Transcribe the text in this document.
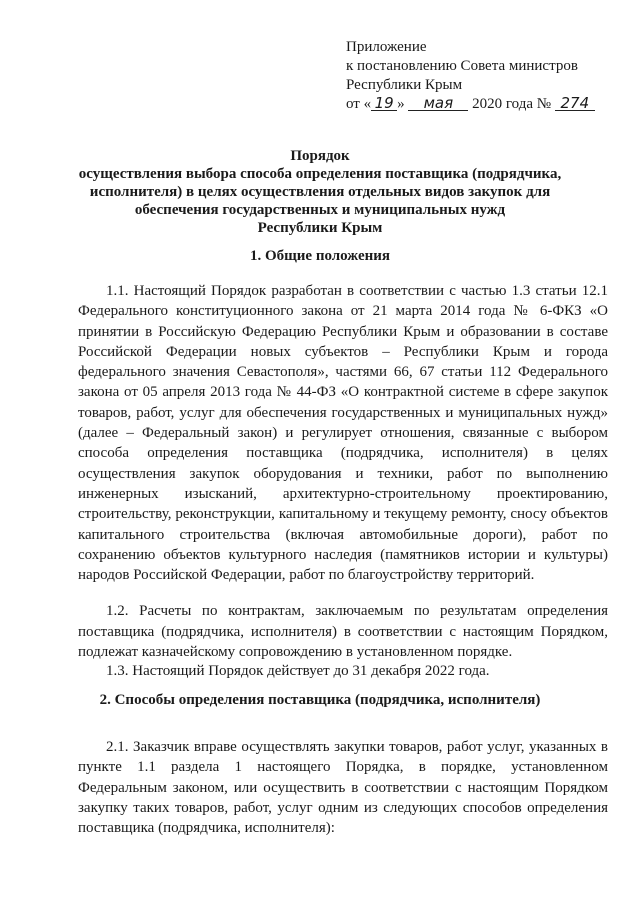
Приложение
к постановлению Совета министров
Республики Крым
от « 19 » мая 2020 года № 274
Порядок
осуществления выбора способа определения поставщика (подрядчика,
исполнителя) в целях осуществления отдельных видов закупок для
обеспечения государственных и муниципальных нужд
Республики Крым
1. Общие положения
1.1. Настоящий Порядок разработан в соответствии с частью 1.3 статьи 12.1 Федерального конституционного закона от 21 марта 2014 года № 6-ФКЗ «О принятии в Российскую Федерацию Республики Крым и образовании в составе Российской Федерации новых субъектов – Республики Крым и города федерального значения Севастополя», частями 66, 67 статьи 112 Федерального закона от 05 апреля 2013 года № 44-ФЗ «О контрактной системе в сфере закупок товаров, работ, услуг для обеспечения государственных и муниципальных нужд» (далее – Федеральный закон) и регулирует отношения, связанные с выбором способа определения поставщика (подрядчика, исполнителя) в целях осуществления закупок оборудования и техники, работ по выполнению инженерных изысканий, архитектурно-строительному проектированию, строительству, реконструкции, капитальному и текущему ремонту, сносу объектов капитального строительства (включая автомобильные дороги), работ по сохранению объектов культурного наследия (памятников истории и культуры) народов Российской Федерации, работ по благоустройству территорий.
1.2. Расчеты по контрактам, заключаемым по результатам определения поставщика (подрядчика, исполнителя) в соответствии с настоящим Порядком, подлежат казначейскому сопровождению в установленном порядке.
1.3. Настоящий Порядок действует до 31 декабря 2022 года.
2. Способы определения поставщика (подрядчика, исполнителя)
2.1. Заказчик вправе осуществлять закупки товаров, работ услуг, указанных в пункте 1.1 раздела 1 настоящего Порядка, в порядке, установленном Федеральным законом, или осуществить в соответствии с настоящим Порядком закупку таких товаров, работ, услуг одним из следующих способов определения поставщика (подрядчика, исполнителя):
